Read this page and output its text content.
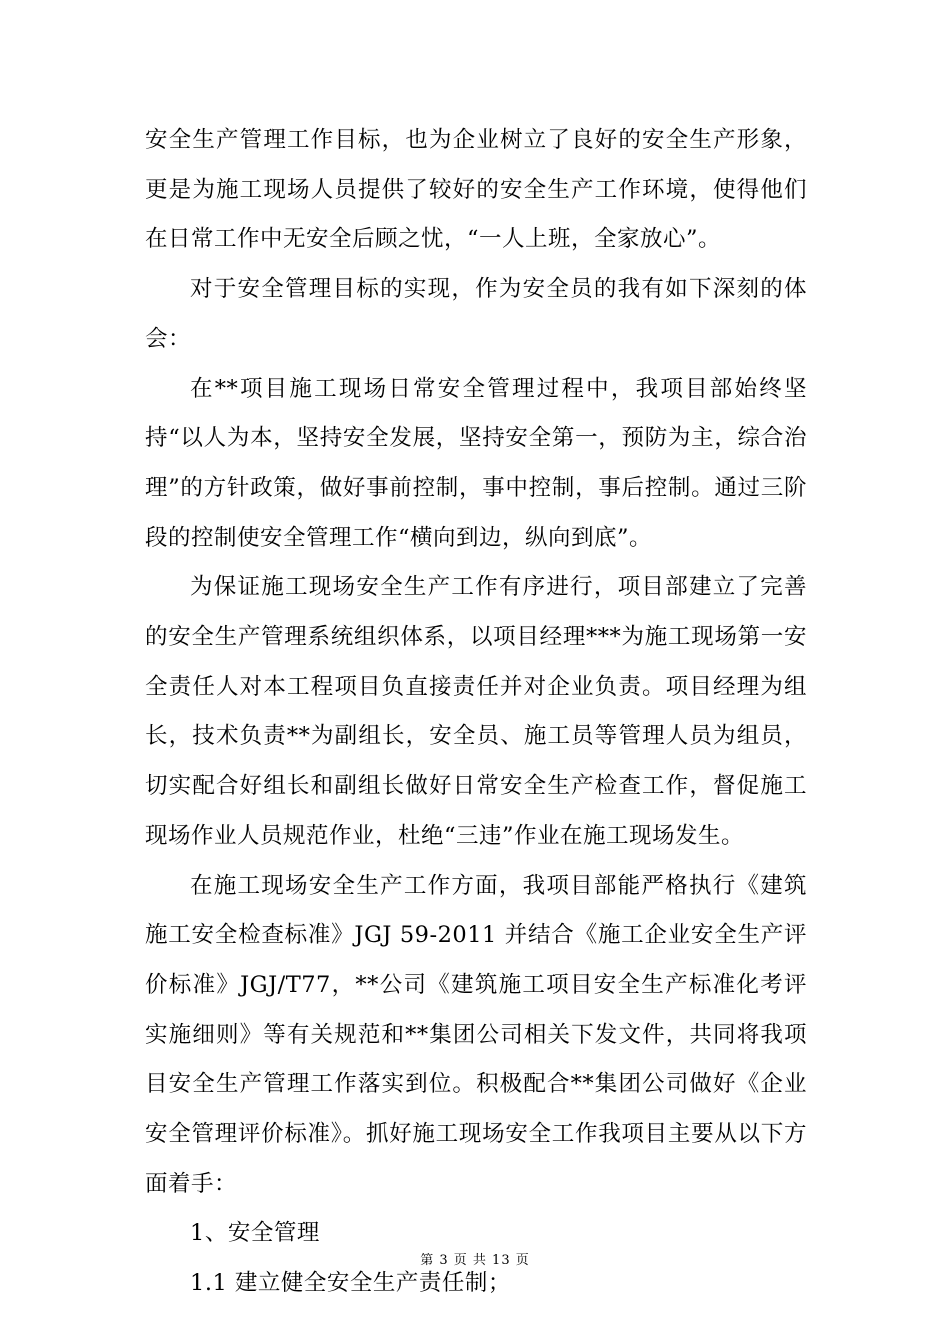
安全生产管理工作目标，也为企业树立了良好的安全生产形象，更是为施工现场人员提供了较好的安全生产工作环境，使得他们在日常工作中无安全后顾之忧，“一人上班，全家放心”。

对于安全管理目标的实现，作为安全员的我有如下深刻的体会：

在**项目施工现场日常安全管理过程中，我项目部始终坚持“以人为本，坚持安全发展，坚持安全第一，预防为主，综合治理”的方针政策，做好事前控制，事中控制，事后控制。通过三阶段的控制使安全管理工作“横向到边，纵向到底”。

为保证施工现场安全生产工作有序进行，项目部建立了完善的安全生产管理系统组织体系，以项目经理***为施工现场第一安全责任人对本工程项目负直接责任并对企业负责。项目经理为组长，技术负责**为副组长，安全员、施工员等管理人员为组员，切实配合好组长和副组长做好日常安全生产检查工作，督促施工现场作业人员规范作业，杜绝“三违”作业在施工现场发生。

在施工现场安全生产工作方面，我项目部能严格执行《建筑施工安全检查标准》JGJ 59-2011 并结合《施工企业安全生产评价标准》JGJ/T77，**公司《建筑施工项目安全生产标准化考评实施细则》等有关规范和**集团公司相关下发文件，共同将我项目安全生产管理工作落实到位。积极配合**集团公司做好《企业安全管理评价标准》。抓好施工现场安全工作我项目主要从以下方面着手：

1、安全管理

1.1 建立健全安全生产责任制；

第 3 页 共 13 页
